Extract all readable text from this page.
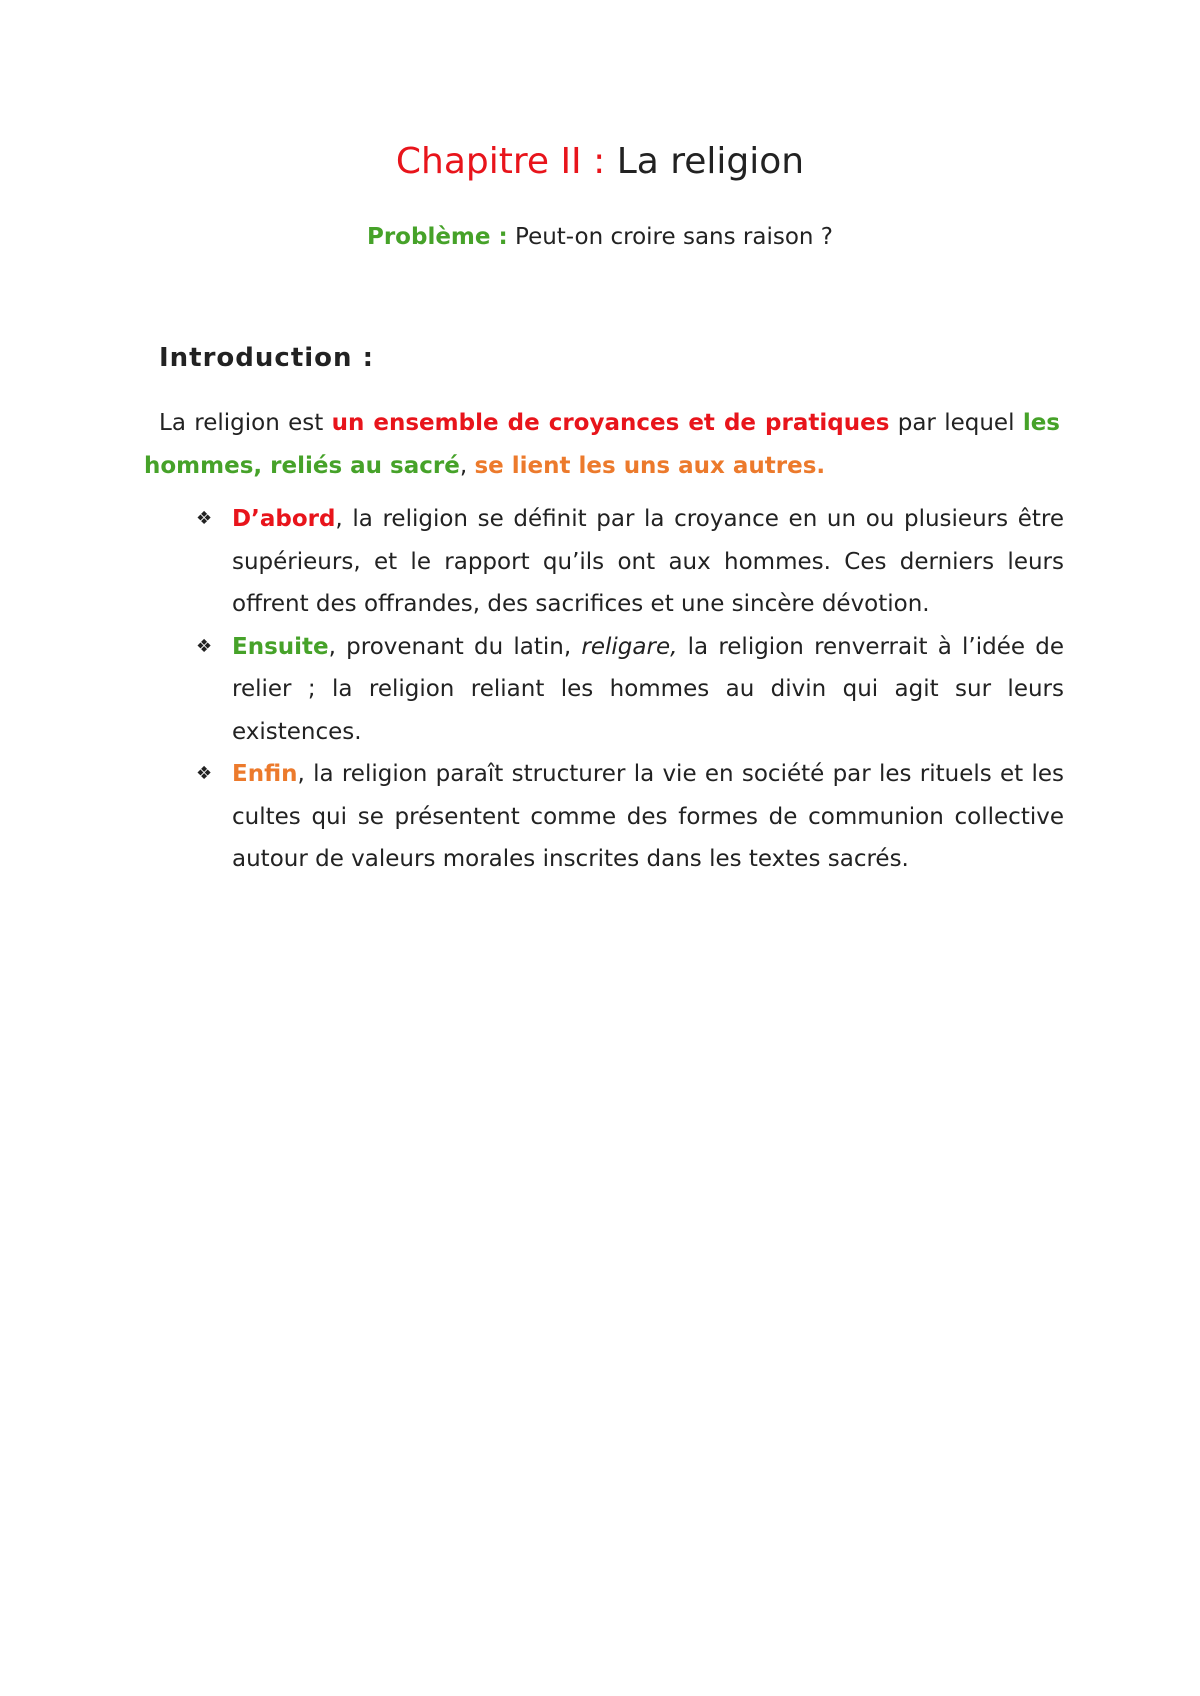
Chapitre II : La religion

Problème : Peut-on croire sans raison ?

Introduction :

La religion est un ensemble de croyances et de pratiques par lequel les hommes, reliés au sacré, se lient les uns aux autres.

❖ D’abord, la religion se définit par la croyance en un ou plusieurs être supérieurs, et le rapport qu’ils ont aux hommes. Ces derniers leurs offrent des offrandes, des sacrifices et une sincère dévotion.
❖ Ensuite, provenant du latin, religare, la religion renverrait à l’idée de relier ; la religion reliant les hommes au divin qui agit sur leurs existences.
❖ Enfin, la religion paraît structurer la vie en société par les rituels et les cultes qui se présentent comme des formes de communion collective autour de valeurs morales inscrites dans les textes sacrés.
